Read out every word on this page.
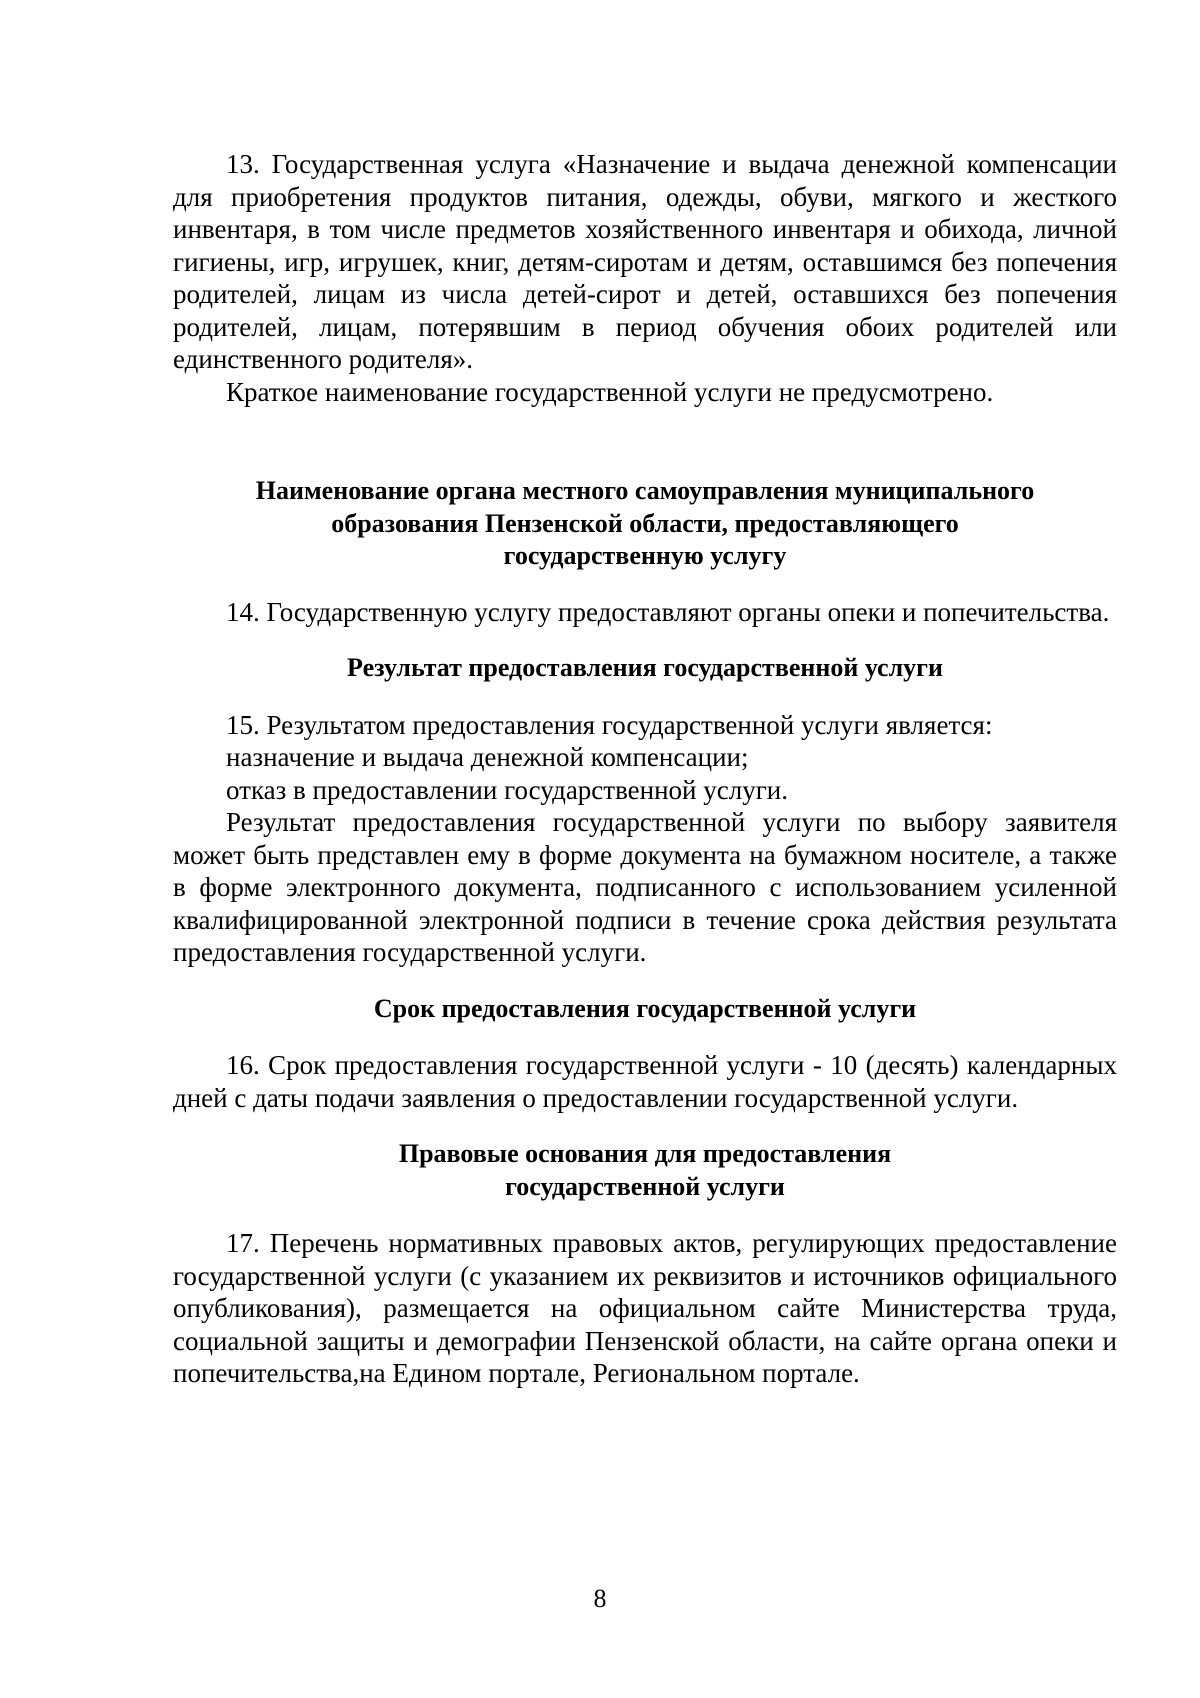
13. Государственная услуга «Назначение и выдача денежной компенсации для приобретения продуктов питания, одежды, обуви, мягкого и жесткого инвентаря, в том числе предметов хозяйственного инвентаря и обихода, личной гигиены, игр, игрушек, книг, детям-сиротам и детям, оставшимся без попечения родителей, лицам из числа детей-сирот и детей, оставшихся без попечения родителей, лицам, потерявшим в период обучения обоих родителей или единственного родителя».

Краткое наименование государственной услуги не предусмотрено.

Наименование органа местного самоуправления муниципального
образования Пензенской области, предоставляющего
государственную услугу

14. Государственную услугу предоставляют органы опеки и попечительства.

Результат предоставления государственной услуги

15. Результатом предоставления государственной услуги является:

назначение и выдача денежной компенсации;

отказ в предоставлении государственной услуги.

Результат предоставления государственной услуги по выбору заявителя может быть представлен ему в форме документа на бумажном носителе, а также в форме электронного документа, подписанного с использованием усиленной квалифицированной электронной подписи в течение срока действия результата предоставления государственной услуги.

Срок предоставления государственной услуги

16. Срок предоставления государственной услуги - 10 (десять) календарных дней с даты подачи заявления о предоставлении государственной услуги.

Правовые основания для предоставления
государственной услуги

17. Перечень нормативных правовых актов, регулирующих предоставление государственной услуги (с указанием их реквизитов и источников официального опубликования), размещается на официальном сайте Министерства труда, социальной защиты и демографии Пензенской области, на сайте органа опеки и попечительства,на Едином портале, Региональном портале.

8
